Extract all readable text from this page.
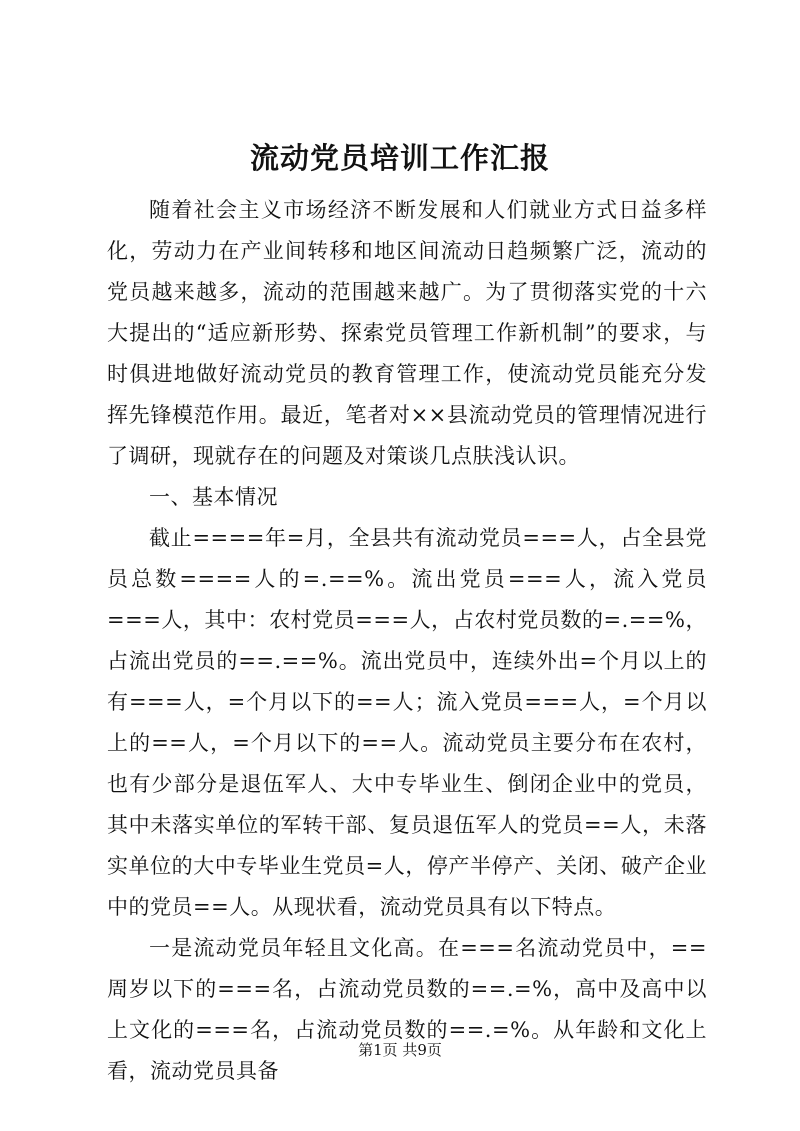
流动党员培训工作汇报

随着社会主义市场经济不断发展和人们就业方式日益多样化，劳动力在产业间转移和地区间流动日趋频繁广泛，流动的党员越来越多，流动的范围越来越广。为了贯彻落实党的十六大提出的“适应新形势、探索党员管理工作新机制”的要求，与时俱进地做好流动党员的教育管理工作，使流动党员能充分发挥先锋模范作用。最近，笔者对××县流动党员的管理情况进行了调研，现就存在的问题及对策谈几点肤浅认识。

一、基本情况

截止====年=月，全县共有流动党员===人，占全县党员总数====人的=.==%。流出党员===人，流入党员===人，其中：农村党员===人，占农村党员数的=.==%，占流出党员的==.==%。流出党员中，连续外出=个月以上的有===人，=个月以下的==人；流入党员===人，=个月以上的==人，=个月以下的==人。流动党员主要分布在农村，也有少部分是退伍军人、大中专毕业生、倒闭企业中的党员，其中未落实单位的军转干部、复员退伍军人的党员==人，未落实单位的大中专毕业生党员=人，停产半停产、关闭、破产企业中的党员==人。从现状看，流动党员具有以下特点。

一是流动党员年轻且文化高。在===名流动党员中，==周岁以下的===名，占流动党员数的==.=%，高中及高中以上文化的===名，占流动党员数的==.=%。从年龄和文化上看，流动党员具备

第1页 共9页
